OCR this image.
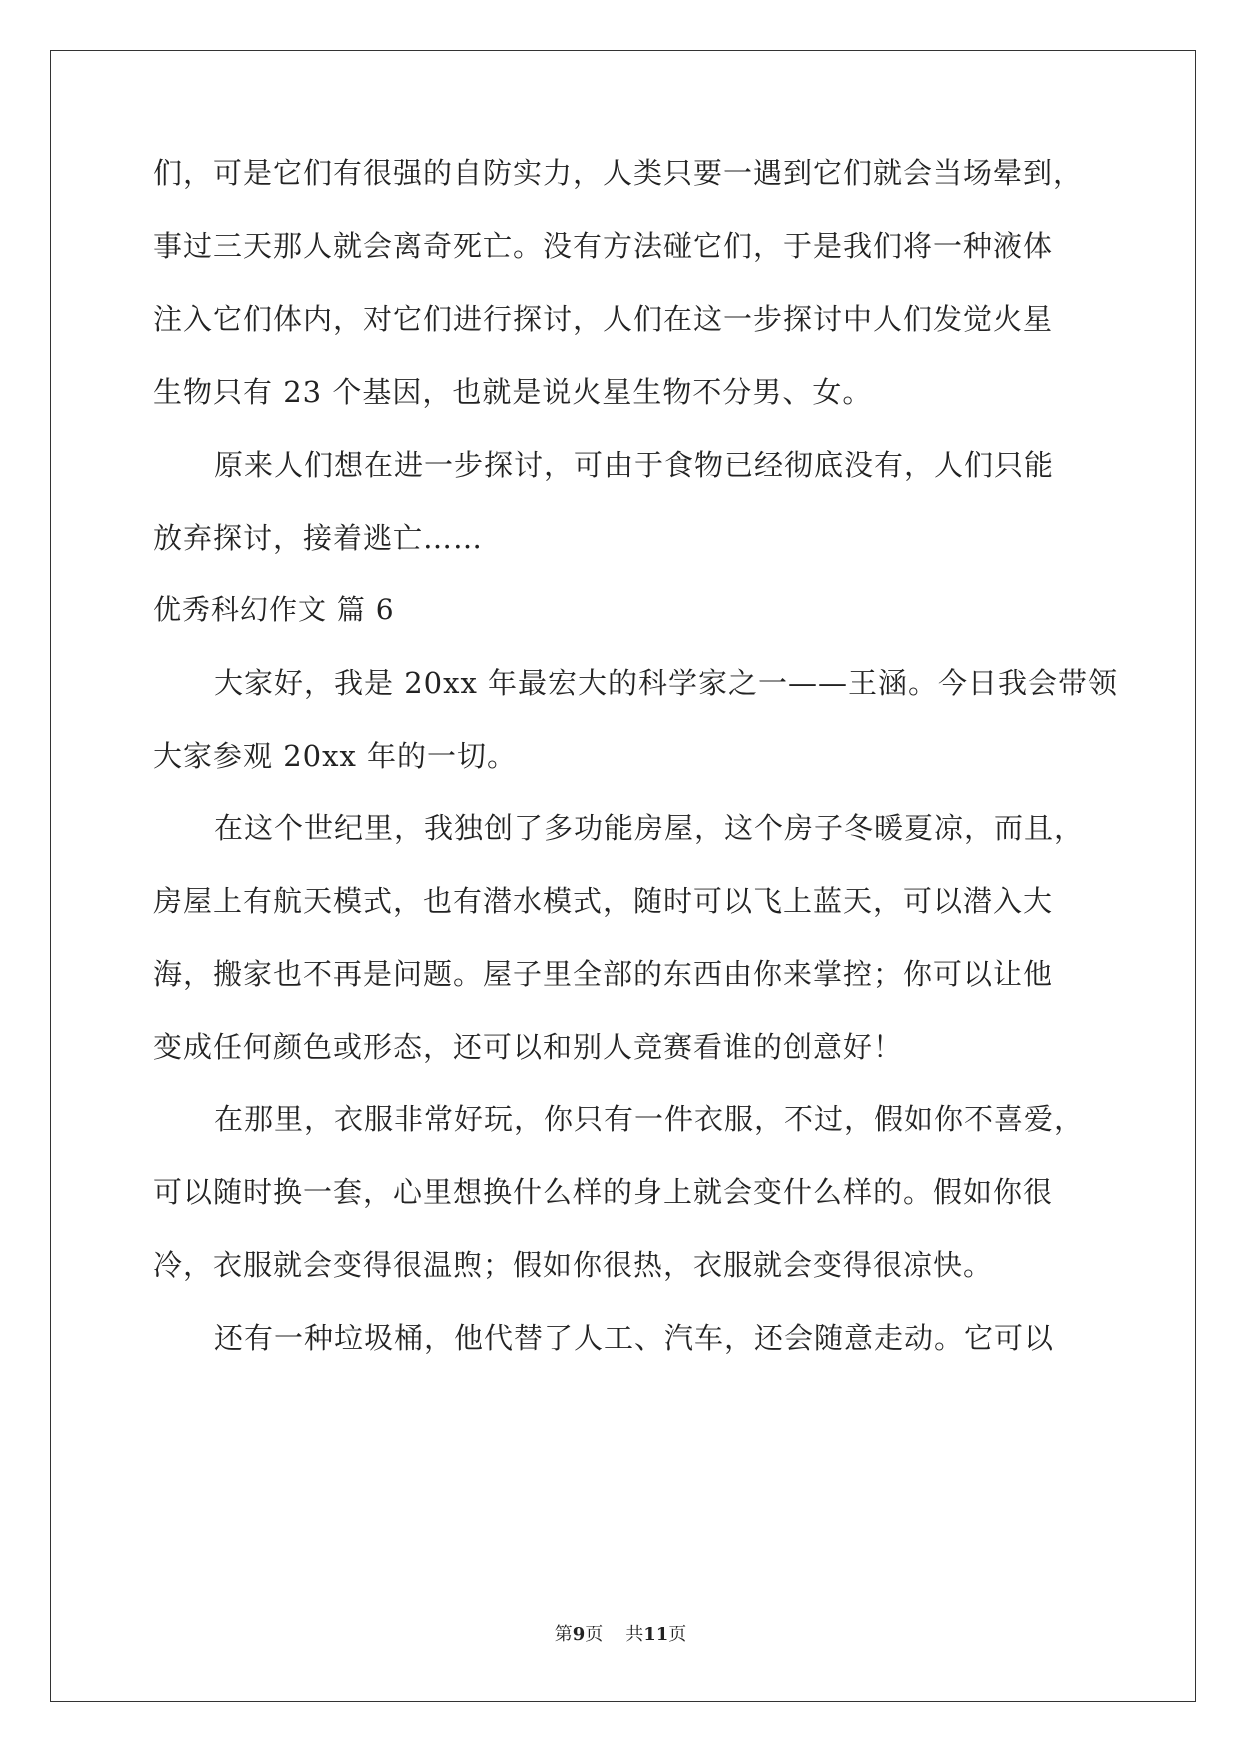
们，可是它们有很强的自防实力，人类只要一遇到它们就会当场晕到，
事过三天那人就会离奇死亡。没有方法碰它们，于是我们将一种液体
注入它们体内，对它们进行探讨，人们在这一步探讨中人们发觉火星
生物只有 23 个基因，也就是说火星生物不分男、女。
原来人们想在进一步探讨，可由于食物已经彻底没有，人们只能
放弃探讨，接着逃亡……
优秀科幻作文 篇 6
大家好，我是 20xx 年最宏大的科学家之一——王涵。今日我会带领
大家参观 20xx 年的一切。
在这个世纪里，我独创了多功能房屋，这个房子冬暖夏凉，而且，
房屋上有航天模式，也有潜水模式，随时可以飞上蓝天，可以潜入大
海，搬家也不再是问题。屋子里全部的东西由你来掌控；你可以让他
变成任何颜色或形态，还可以和别人竞赛看谁的创意好！
在那里，衣服非常好玩，你只有一件衣服，不过，假如你不喜爱，
可以随时换一套，心里想换什么样的身上就会变什么样的。假如你很
冷，衣服就会变得很温煦；假如你很热，衣服就会变得很凉快。
还有一种垃圾桶，他代替了人工、汽车，还会随意走动。它可以
第9页 共11页
